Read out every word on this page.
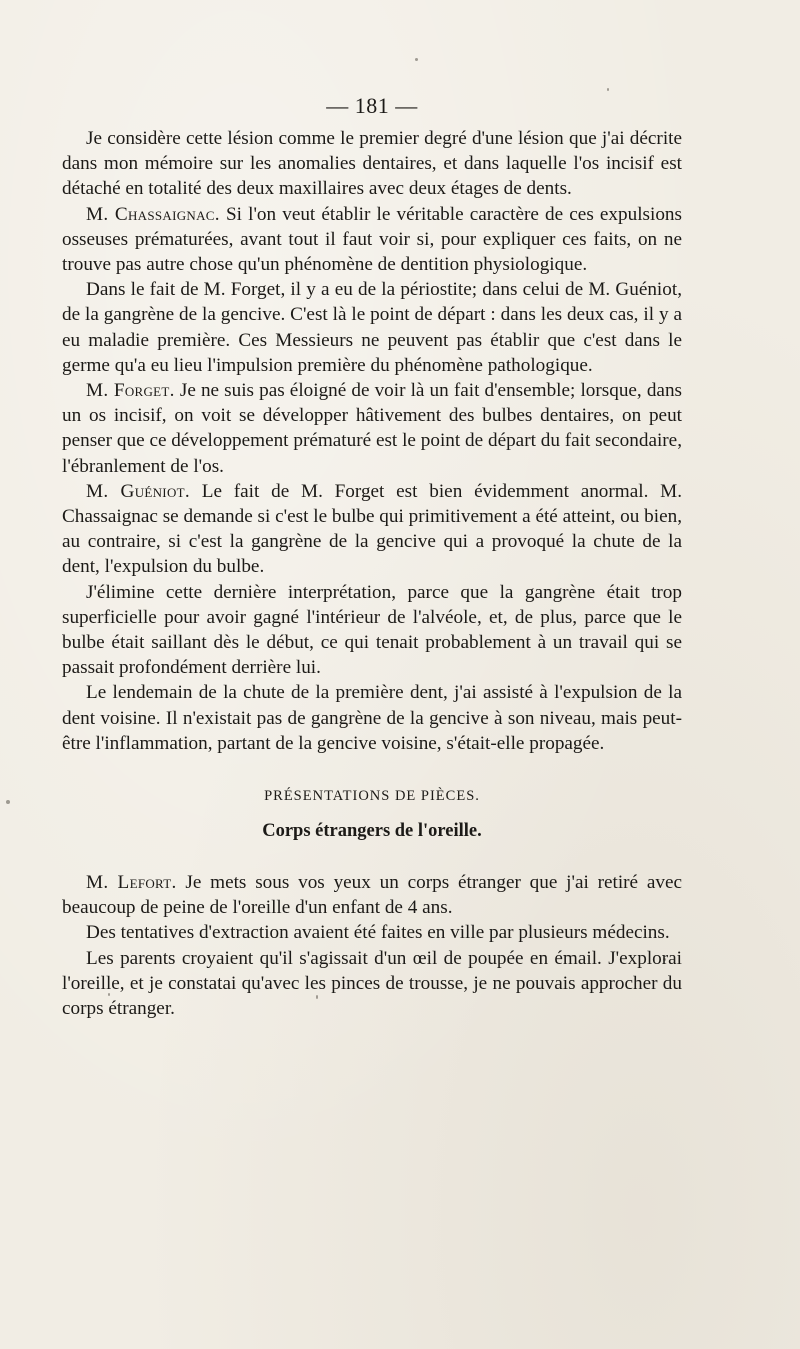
— 181 —

Je considère cette lésion comme le premier degré d'une lésion que j'ai décrite dans mon mémoire sur les anomalies dentaires, et dans laquelle l'os incisif est détaché en totalité des deux maxillaires avec deux étages de dents.

M. Chassaignac. Si l'on veut établir le véritable caractère de ces expulsions osseuses prématurées, avant tout il faut voir si, pour expliquer ces faits, on ne trouve pas autre chose qu'un phénomène de dentition physiologique.

Dans le fait de M. Forget, il y a eu de la périostite; dans celui de M. Guéniot, de la gangrène de la gencive. C'est là le point de départ : dans les deux cas, il y a eu maladie première. Ces Messieurs ne peuvent pas établir que c'est dans le germe qu'a eu lieu l'impulsion première du phénomène pathologique.

M. Forget. Je ne suis pas éloigné de voir là un fait d'ensemble; lorsque, dans un os incisif, on voit se développer hâtivement des bulbes dentaires, on peut penser que ce développement prématuré est le point de départ du fait secondaire, l'ébranlement de l'os.

M. Guéniot. Le fait de M. Forget est bien évidemment anormal. M. Chassaignac se demande si c'est le bulbe qui primitivement a été atteint, ou bien, au contraire, si c'est la gangrène de la gencive qui a provoqué la chute de la dent, l'expulsion du bulbe.

J'élimine cette dernière interprétation, parce que la gangrène était trop superficielle pour avoir gagné l'intérieur de l'alvéole, et, de plus, parce que le bulbe était saillant dès le début, ce qui tenait probablement à un travail qui se passait profondément derrière lui.

Le lendemain de la chute de la première dent, j'ai assisté à l'expulsion de la dent voisine. Il n'existait pas de gangrène de la gencive à son niveau, mais peut-être l'inflammation, partant de la gencive voisine, s'était-elle propagée.

PRÉSENTATIONS DE PIÈCES.
Corps étrangers de l'oreille.

M. Lefort. Je mets sous vos yeux un corps étranger que j'ai retiré avec beaucoup de peine de l'oreille d'un enfant de 4 ans.

Des tentatives d'extraction avaient été faites en ville par plusieurs médecins.

Les parents croyaient qu'il s'agissait d'un œil de poupée en émail. J'explorai l'oreille, et je constatai qu'avec les pinces de trousse, je ne pouvais approcher du corps étranger.
